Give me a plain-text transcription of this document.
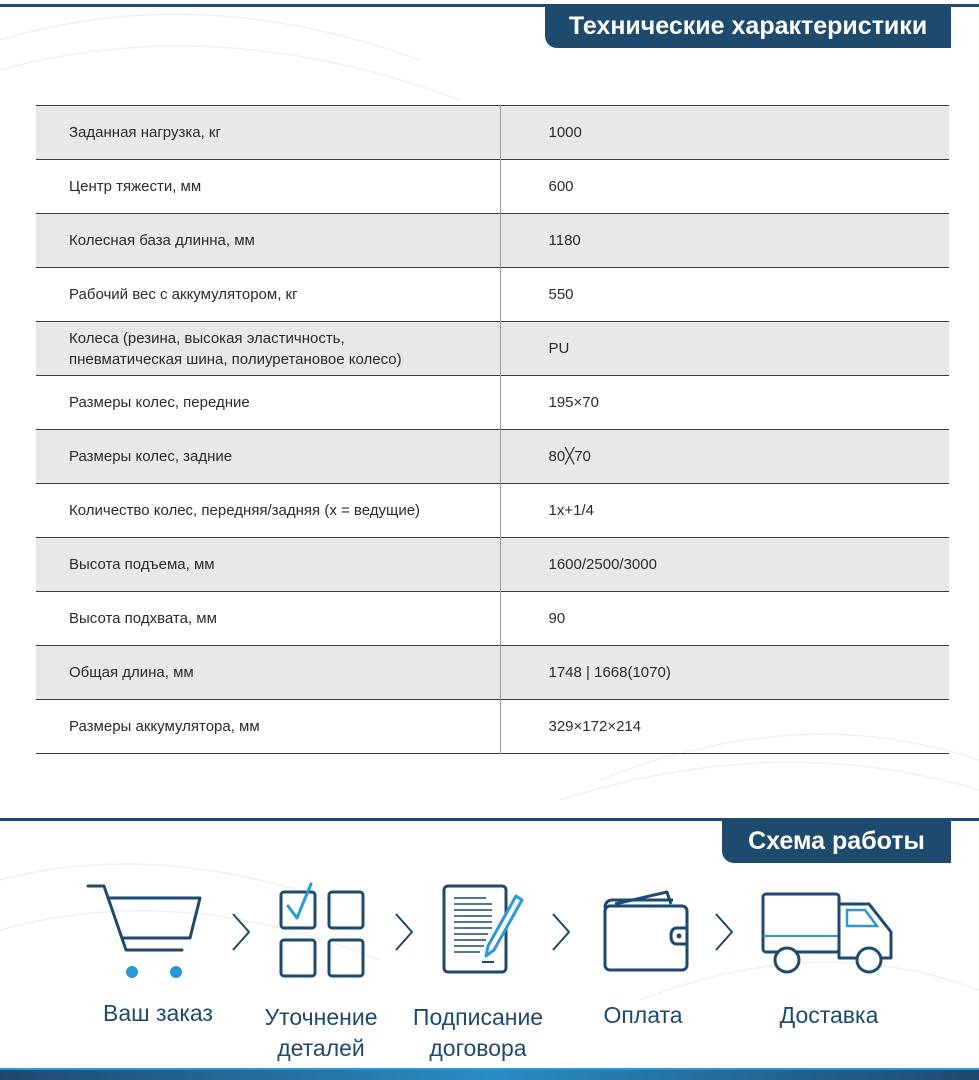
Технические характеристики
Заданная нагрузка, кг	1000
Центр тяжести, мм	600
Колесная база длинна, мм	1180
Рабочий вес с аккумулятором, кг	550
Колеса (резина, высокая эластичность,
пневматическая шина, полиуретановое колесо)	PU
Размеры колес, передние	195×70
Размеры колес, задние	80╳70
Количество колес, передняя/задняя (x = ведущие)	1x+1/4
Высота подъема, мм	1600/2500/3000
Высота подхвата, мм	90
Общая длина, мм	1748 | 1668(1070)
Размеры аккумулятора, мм	329×172×214
Схема работы
Ваш заказ	Уточнение
деталей
Подписание
договора
Оплата	Доставка
